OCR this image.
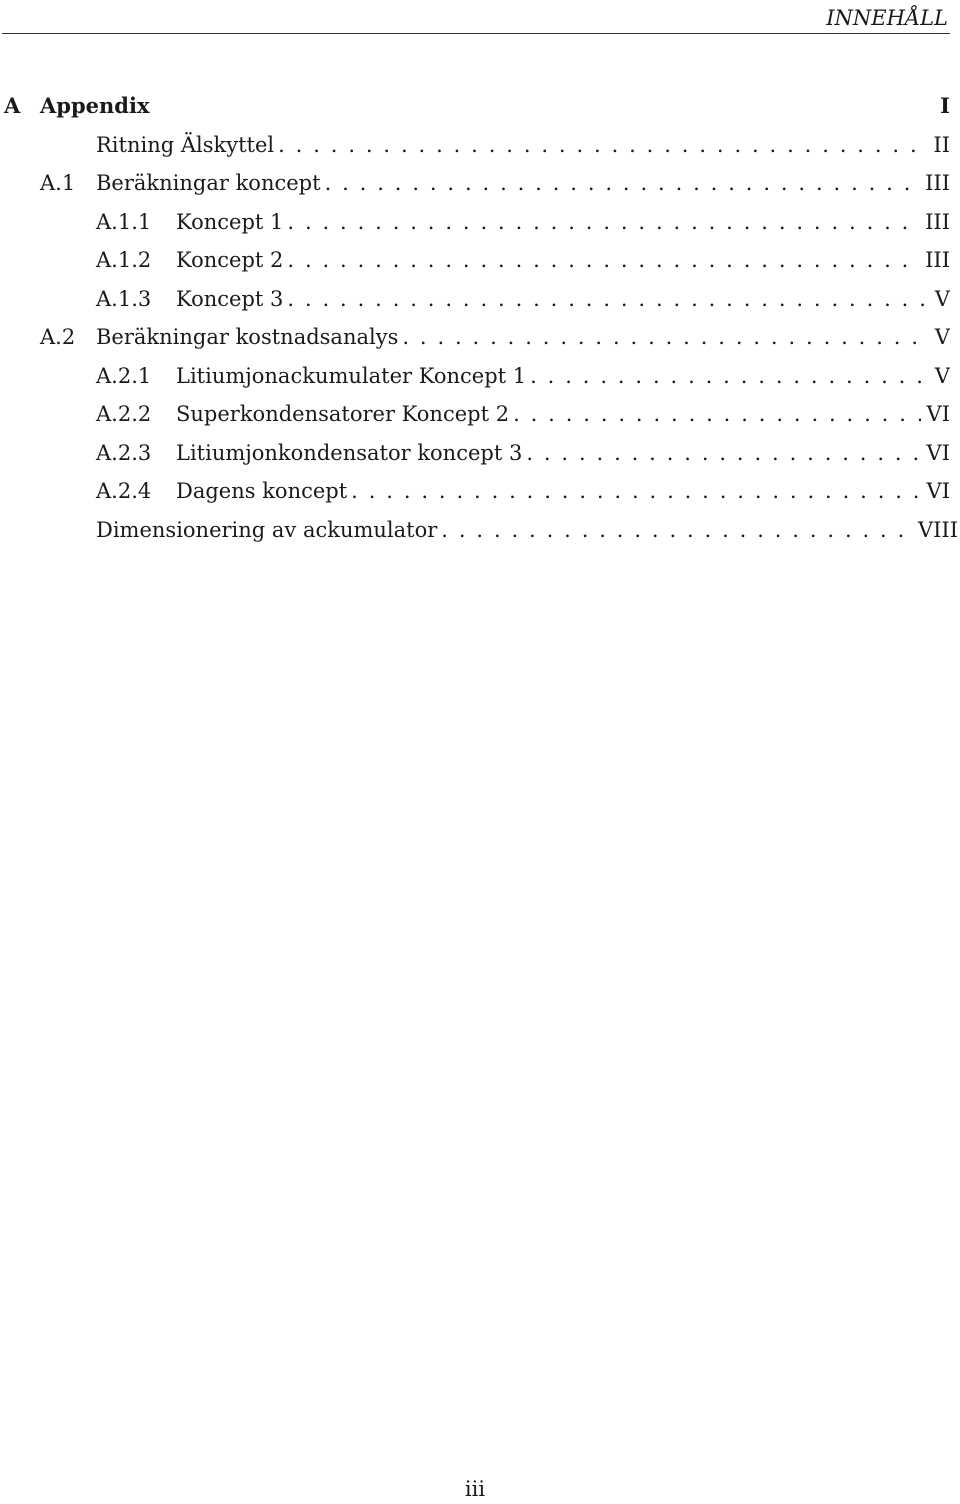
INNEHÅLL
A Appendix	I
Ritning Älskyttel . . .	II
A.1 Beräkningar koncept . . .	III
A.1.1 Koncept 1 . . .	III
A.1.2 Koncept 2 . . .	III
A.1.3 Koncept 3 . . .	V
A.2 Beräkningar kostnadsanalys . . .	V
A.2.1 Litiumjonackumulater Koncept 1 . . .	V
A.2.2 Superkondensatorer Koncept 2 . . .	VI
A.2.3 Litiumjonkondensator koncept 3 . . .	VI
A.2.4 Dagens koncept . . .	VI
Dimensionering av ackumulator . . .	VIII
iii
